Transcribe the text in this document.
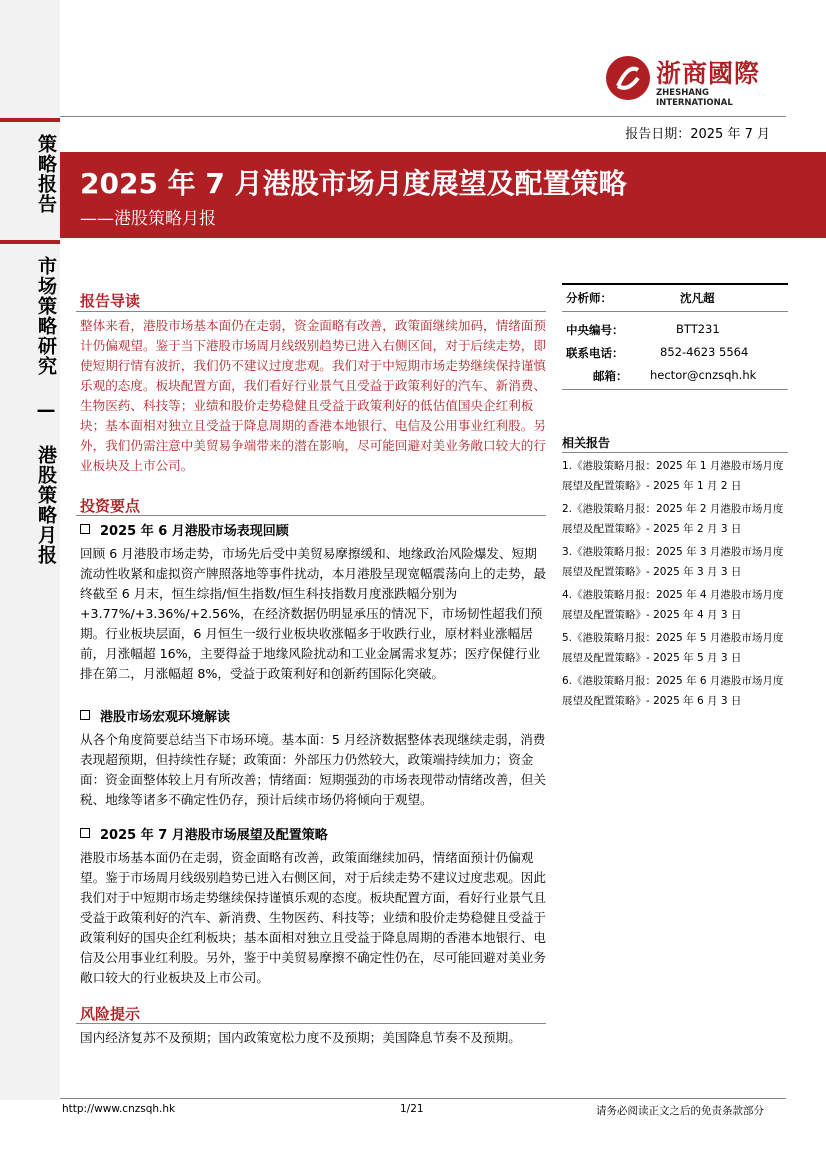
策略报告
市场策略研究 — 港股策略月报
浙商國際
ZHESHANG INTERNATIONAL
报告日期：2025 年 7 月
2025 年 7 月港股市场月度展望及配置策略
——港股策略月报
报告导读
整体来看，港股市场基本面仍在走弱，资金面略有改善，政策面继续加码，情绪面预计仍偏观望。鉴于当下港股市场周月线级别趋势已进入右侧区间，对于后续走势，即使短期行情有波折，我们仍不建议过度悲观。我们对于中短期市场走势继续保持谨慎乐观的态度。板块配置方面，我们看好行业景气且受益于政策利好的汽车、新消费、生物医药、科技等；业绩和股价走势稳健且受益于政策利好的低估值国央企红利板块；基本面相对独立且受益于降息周期的香港本地银行、电信及公用事业红利股。另外，我们仍需注意中美贸易争端带来的潜在影响，尽可能回避对美业务敞口较大的行业板块及上市公司。
投资要点
2025 年 6 月港股市场表现回顾
回顾 6 月港股市场走势，市场先后受中美贸易摩擦缓和、地缘政治风险爆发、短期流动性收紧和虚拟资产牌照落地等事件扰动，本月港股呈现宽幅震荡向上的走势，最终截至 6 月末，恒生综指/恒生指数/恒生科技指数月度涨跌幅分别为+3.77%/+3.36%/+2.56%，在经济数据仍明显承压的情况下，市场韧性超我们预期。行业板块层面，6 月恒生一级行业板块收涨幅多于收跌行业，原材料业涨幅居前，月涨幅超 16%，主要得益于地缘风险扰动和工业金属需求复苏；医疗保健行业排在第二，月涨幅超 8%，受益于政策利好和创新药国际化突破。
港股市场宏观环境解读
从各个角度简要总结当下市场环境。基本面：5 月经济数据整体表现继续走弱，消费表现超预期，但持续性存疑；政策面：外部压力仍然较大，政策端持续加力；资金面：资金面整体较上月有所改善；情绪面：短期强劲的市场表现带动情绪改善，但关税、地缘等诸多不确定性仍存，预计后续市场仍将倾向于观望。
2025 年 7 月港股市场展望及配置策略
港股市场基本面仍在走弱，资金面略有改善，政策面继续加码，情绪面预计仍偏观望。鉴于市场周月线级别趋势已进入右侧区间，对于后续走势不建议过度悲观。因此我们对于中短期市场走势继续保持谨慎乐观的态度。板块配置方面，看好行业景气且受益于政策利好的汽车、新消费、生物医药、科技等；业绩和股价走势稳健且受益于政策利好的国央企红利板块；基本面相对独立且受益于降息周期的香港本地银行、电信及公用事业红利股。另外，鉴于中美贸易摩擦不确定性仍在，尽可能回避对美业务敞口较大的行业板块及上市公司。
风险提示
国内经济复苏不及预期；国内政策宽松力度不及预期；美国降息节奏不及预期。
分析师：	沈凡超
中央编号：	BTT231
联系电话：	852-4623 5564
邮箱： hector@cnzsqh.hk
相关报告
1.《港股策略月报：2025 年 1 月港股市场月度展望及配置策略》- 2025 年 1 月 2 日
2.《港股策略月报：2025 年 2 月港股市场月度展望及配置策略》- 2025 年 2 月 3 日
3.《港股策略月报：2025 年 3 月港股市场月度展望及配置策略》- 2025 年 3 月 3 日
4.《港股策略月报：2025 年 4 月港股市场月度展望及配置策略》- 2025 年 4 月 3 日
5.《港股策略月报：2025 年 5 月港股市场月度展望及配置策略》- 2025 年 5 月 3 日
6.《港股策略月报：2025 年 6 月港股市场月度展望及配置策略》- 2025 年 6 月 3 日
http://www.cnzsqh.hk	1/21	请务必阅读正文之后的免责条款部分
